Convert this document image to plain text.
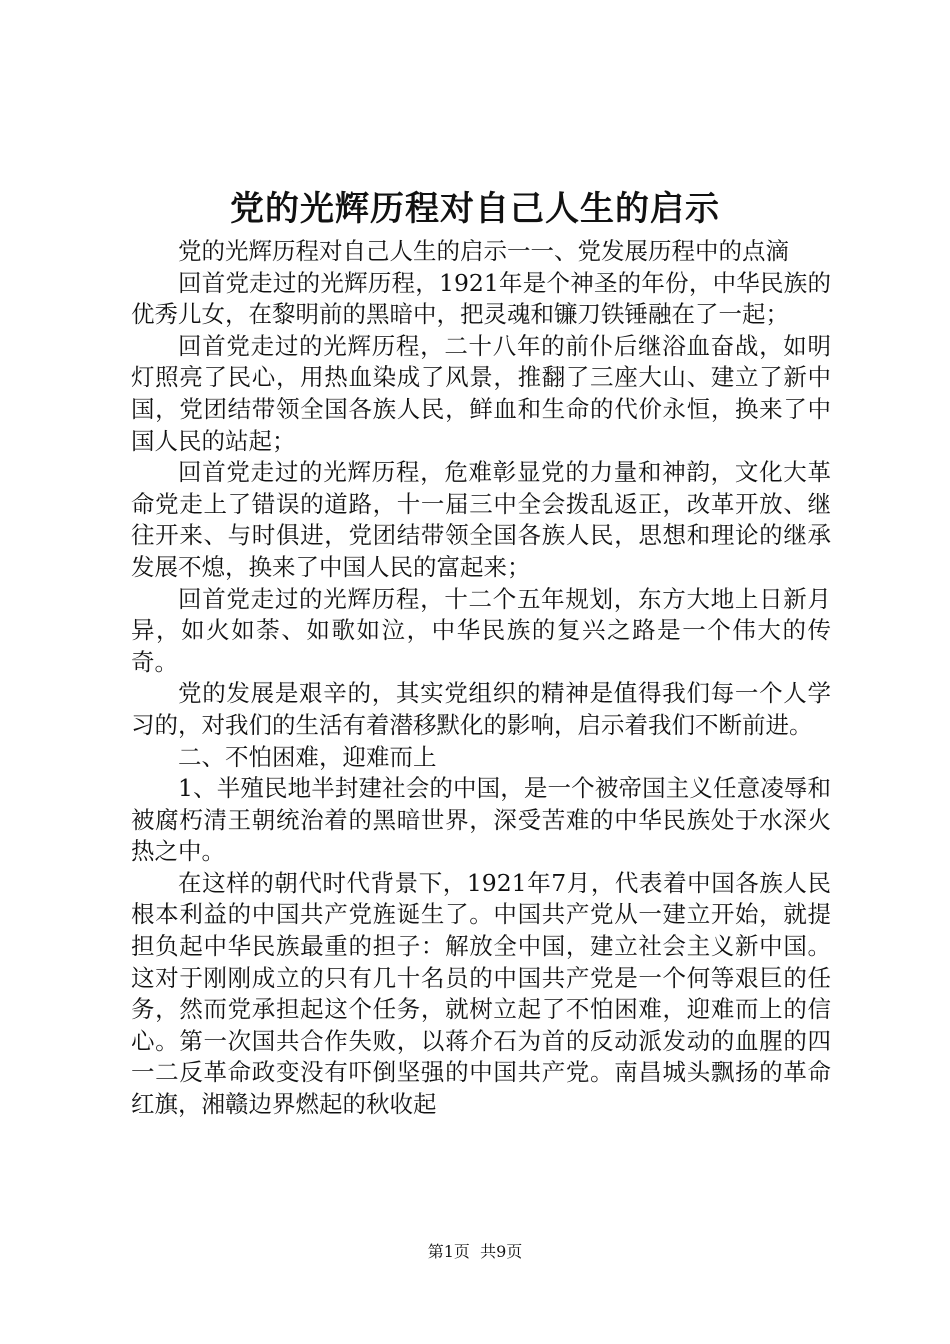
党的光辉历程对自己人生的启示

党的光辉历程对自己人生的启示一一、党发展历程中的点滴

回首党走过的光辉历程，1921年是个神圣的年份，中华民族的优秀儿女，在黎明前的黑暗中，把灵魂和镰刀铁锤融在了一起；

回首党走过的光辉历程，二十八年的前仆后继浴血奋战，如明灯照亮了民心，用热血染成了风景，推翻了三座大山、建立了新中国，党团结带领全国各族人民，鲜血和生命的代价永恒，换来了中国人民的站起；

回首党走过的光辉历程，危难彰显党的力量和神韵，文化大革命党走上了错误的道路，十一届三中全会拨乱返正，改革开放、继往开来、与时俱进，党团结带领全国各族人民，思想和理论的继承发展不熄，换来了中国人民的富起来；

回首党走过的光辉历程，十二个五年规划，东方大地上日新月异，如火如荼、如歌如泣，中华民族的复兴之路是一个伟大的传奇。

党的发展是艰辛的，其实党组织的精神是值得我们每一个人学习的，对我们的生活有着潜移默化的影响，启示着我们不断前进。

二、不怕困难，迎难而上

1、半殖民地半封建社会的中国，是一个被帝国主义任意凌辱和被腐朽清王朝统治着的黑暗世界，深受苦难的中华民族处于水深火热之中。

在这样的朝代时代背景下，1921年7月，代表着中国各族人民根本利益的中国共产党旌诞生了。中国共产党从一建立开始，就提担负起中华民族最重的担子：解放全中国，建立社会主义新中国。这对于刚刚成立的只有几十名员的中国共产党是一个何等艰巨的任务，然而党承担起这个任务，就树立起了不怕困难，迎难而上的信心。第一次国共合作失败，以蒋介石为首的反动派发动的血腥的四一二反革命政变没有吓倒坚强的中国共产党。南昌城头飘扬的革命红旗，湘赣边界燃起的秋收起

第1页 共9页
